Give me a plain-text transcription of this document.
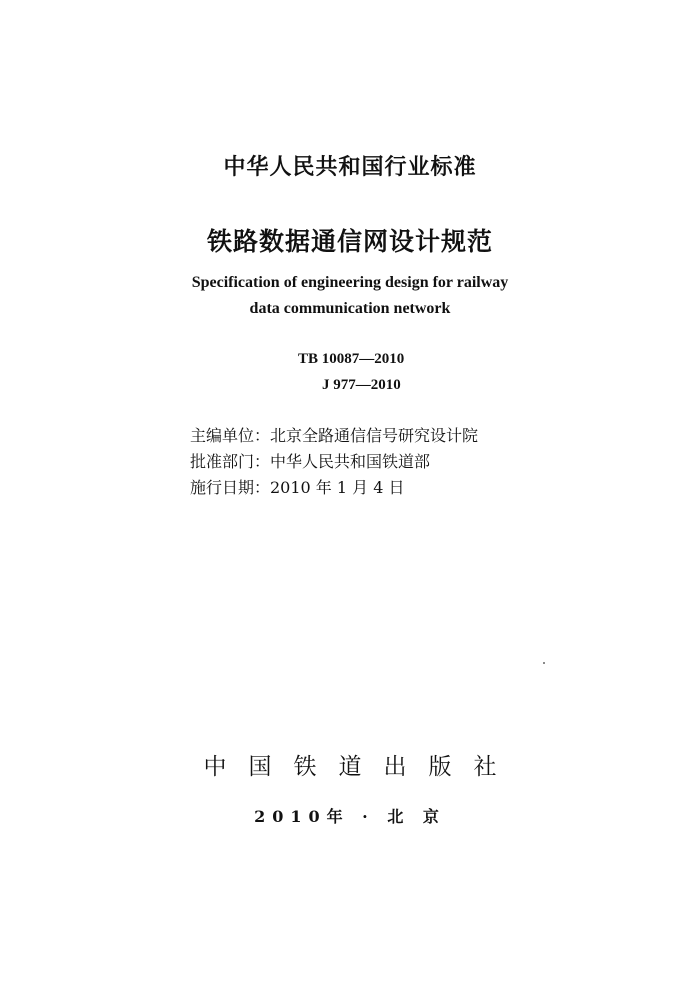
中华人民共和国行业标准
铁路数据通信网设计规范
Specification of engineering design for railway
data communication network
TB 10087—2010
J 977—2010
主编单位：北京全路通信信号研究设计院
批准部门：中华人民共和国铁道部
施行日期：2010 年 1 月 4 日
中国铁道出版社
2010年 · 北 京
